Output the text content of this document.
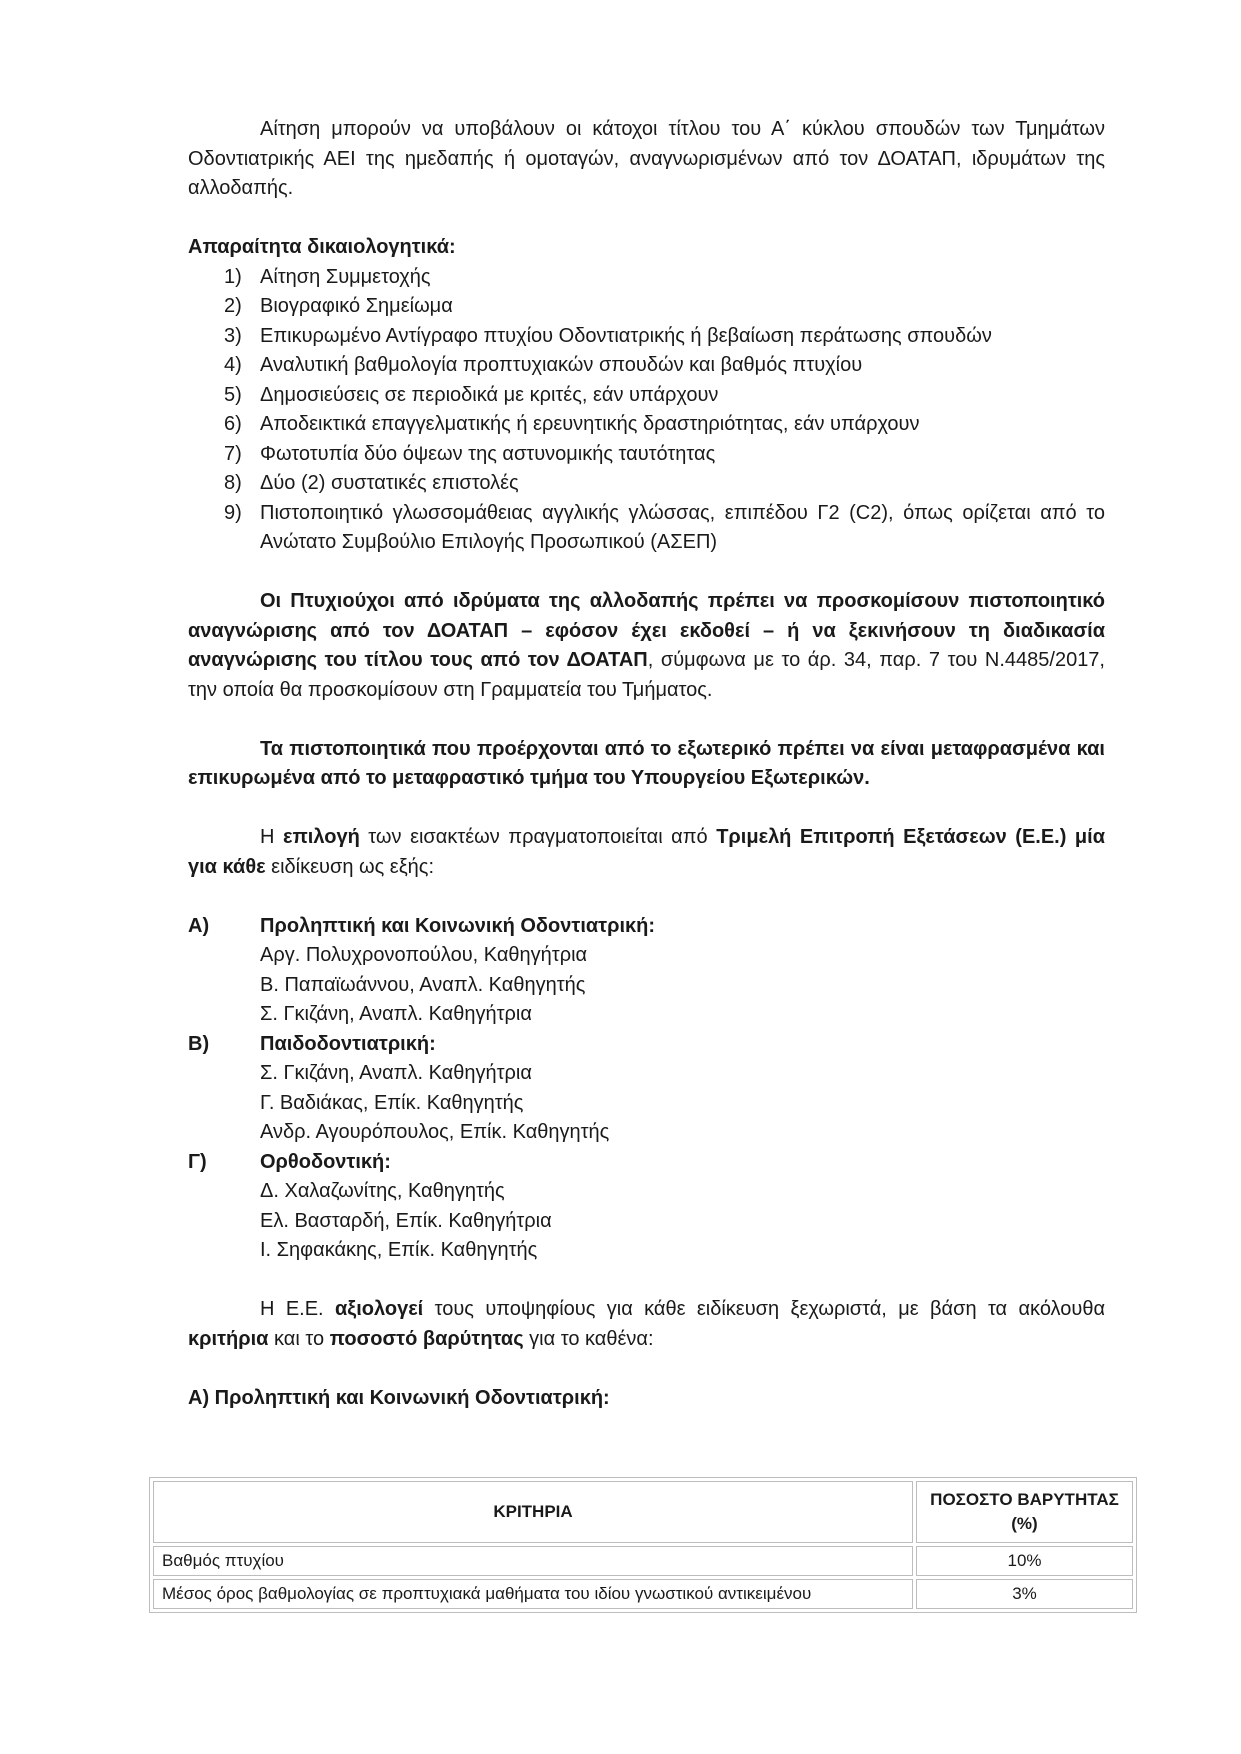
Αίτηση μπορούν να υποβάλουν οι κάτοχοι τίτλου του Α΄ κύκλου σπουδών των Τμημάτων Οδοντιατρικής ΑΕΙ της ημεδαπής ή ομοταγών, αναγνωρισμένων από τον ΔΟΑΤΑΠ, ιδρυμάτων της αλλοδαπής.

Απαραίτητα δικαιολογητικά:

1) Αίτηση Συμμετοχής
2) Βιογραφικό Σημείωμα
3) Επικυρωμένο Αντίγραφο πτυχίου Οδοντιατρικής ή βεβαίωση περάτωσης σπουδών
4) Αναλυτική βαθμολογία προπτυχιακών σπουδών και βαθμός πτυχίου
5) Δημοσιεύσεις σε περιοδικά με κριτές, εάν υπάρχουν
6) Αποδεικτικά επαγγελματικής ή ερευνητικής δραστηριότητας, εάν υπάρχουν
7) Φωτοτυπία δύο όψεων της αστυνομικής ταυτότητας
8) Δύο (2) συστατικές επιστολές
9) Πιστοποιητικό γλωσσομάθειας αγγλικής γλώσσας, επιπέδου Γ2 (C2), όπως ορίζεται από το Ανώτατο Συμβούλιο Επιλογής Προσωπικού (ΑΣΕΠ)

Οι Πτυχιούχοι από ιδρύματα της αλλοδαπής πρέπει να προσκομίσουν πιστοποιητικό αναγνώρισης από τον ΔΟΑΤΑΠ – εφόσον έχει εκδοθεί – ή να ξεκινήσουν τη διαδικασία αναγνώρισης του τίτλου τους από τον ΔΟΑΤΑΠ, σύμφωνα με το άρ. 34, παρ. 7 του Ν.4485/2017, την οποία θα προσκομίσουν στη Γραμματεία του Τμήματος.

Τα πιστοποιητικά που προέρχονται από το εξωτερικό πρέπει να είναι μεταφρασμένα και επικυρωμένα από το μεταφραστικό τμήμα του Υπουργείου Εξωτερικών.

Η επιλογή των εισακτέων πραγματοποιείται από Τριμελή Επιτροπή Εξετάσεων (Ε.Ε.) μία για κάθε ειδίκευση ως εξής:

Α)	Προληπτική και Κοινωνική Οδοντιατρική:
Αργ. Πολυχρονοπούλου, Καθηγήτρια
Β. Παπαϊωάννου, Αναπλ. Καθηγητής
Σ. Γκιζάνη, Αναπλ. Καθηγήτρια
Β)	Παιδοδοντιατρική:
Σ. Γκιζάνη, Αναπλ. Καθηγήτρια
Γ. Βαδιάκας, Επίκ. Καθηγητής
Ανδρ. Αγουρόπουλος, Επίκ. Καθηγητής
Γ)	Ορθοδοντική:
Δ. Χαλαζωνίτης, Καθηγητής
Ελ. Βασταρδή, Επίκ. Καθηγήτρια
Ι. Σηφακάκης, Επίκ. Καθηγητής

Η Ε.Ε. αξιολογεί τους υποψηφίους για κάθε ειδίκευση ξεχωριστά, με βάση τα ακόλουθα κριτήρια και το ποσοστό βαρύτητας για το καθένα:

Α) Προληπτική και Κοινωνική Οδοντιατρική:

ΚΡΙΤΗΡΙΑ	ΠΟΣΟΣΤΟ ΒΑΡΥΤΗΤΑΣ (%)
Βαθμός πτυχίου	10%
Μέσος όρος βαθμολογίας σε προπτυχιακά μαθήματα του ιδίου γνωστικού αντικειμένου	3%
